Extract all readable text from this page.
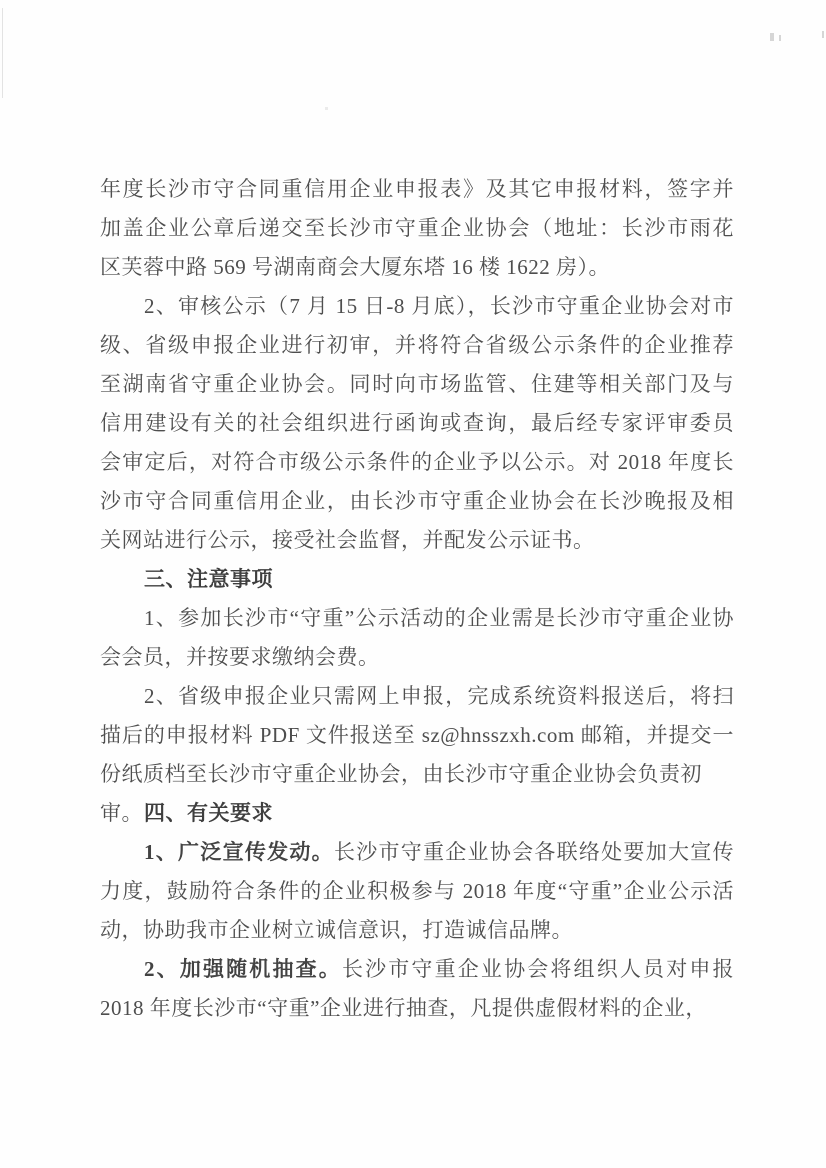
年度长沙市守合同重信用企业申报表》及其它申报材料，签字并
加盖企业公章后递交至长沙市守重企业协会（地址：长沙市雨花
区芙蓉中路 569 号湖南商会大厦东塔 16 楼 1622 房）。
2、审核公示（7 月 15 日-8 月底），长沙市守重企业协会对市
级、省级申报企业进行初审，并将符合省级公示条件的企业推荐
至湖南省守重企业协会。同时向市场监管、住建等相关部门及与
信用建设有关的社会组织进行函询或查询，最后经专家评审委员
会审定后，对符合市级公示条件的企业予以公示。对 2018 年度长
沙市守合同重信用企业，由长沙市守重企业协会在长沙晚报及相
关网站进行公示，接受社会监督，并配发公示证书。
三、注意事项
1、参加长沙市“守重”公示活动的企业需是长沙市守重企业协
会会员，并按要求缴纳会费。
2、省级申报企业只需网上申报，完成系统资料报送后，将扫
描后的申报材料 PDF 文件报送至 sz@hnsszxh.com 邮箱，并提交一
份纸质档至长沙市守重企业协会，由长沙市守重企业协会负责初审。 四、有关要求
1、广泛宣传发动。长沙市守重企业协会各联络处要加大宣传
力度，鼓励符合条件的企业积极参与 2018 年度“守重”企业公示活
动，协助我市企业树立诚信意识，打造诚信品牌。
2、加强随机抽查。长沙市守重企业协会将组织人员对申报
2018 年度长沙市“守重”企业进行抽查，凡提供虚假材料的企业，
